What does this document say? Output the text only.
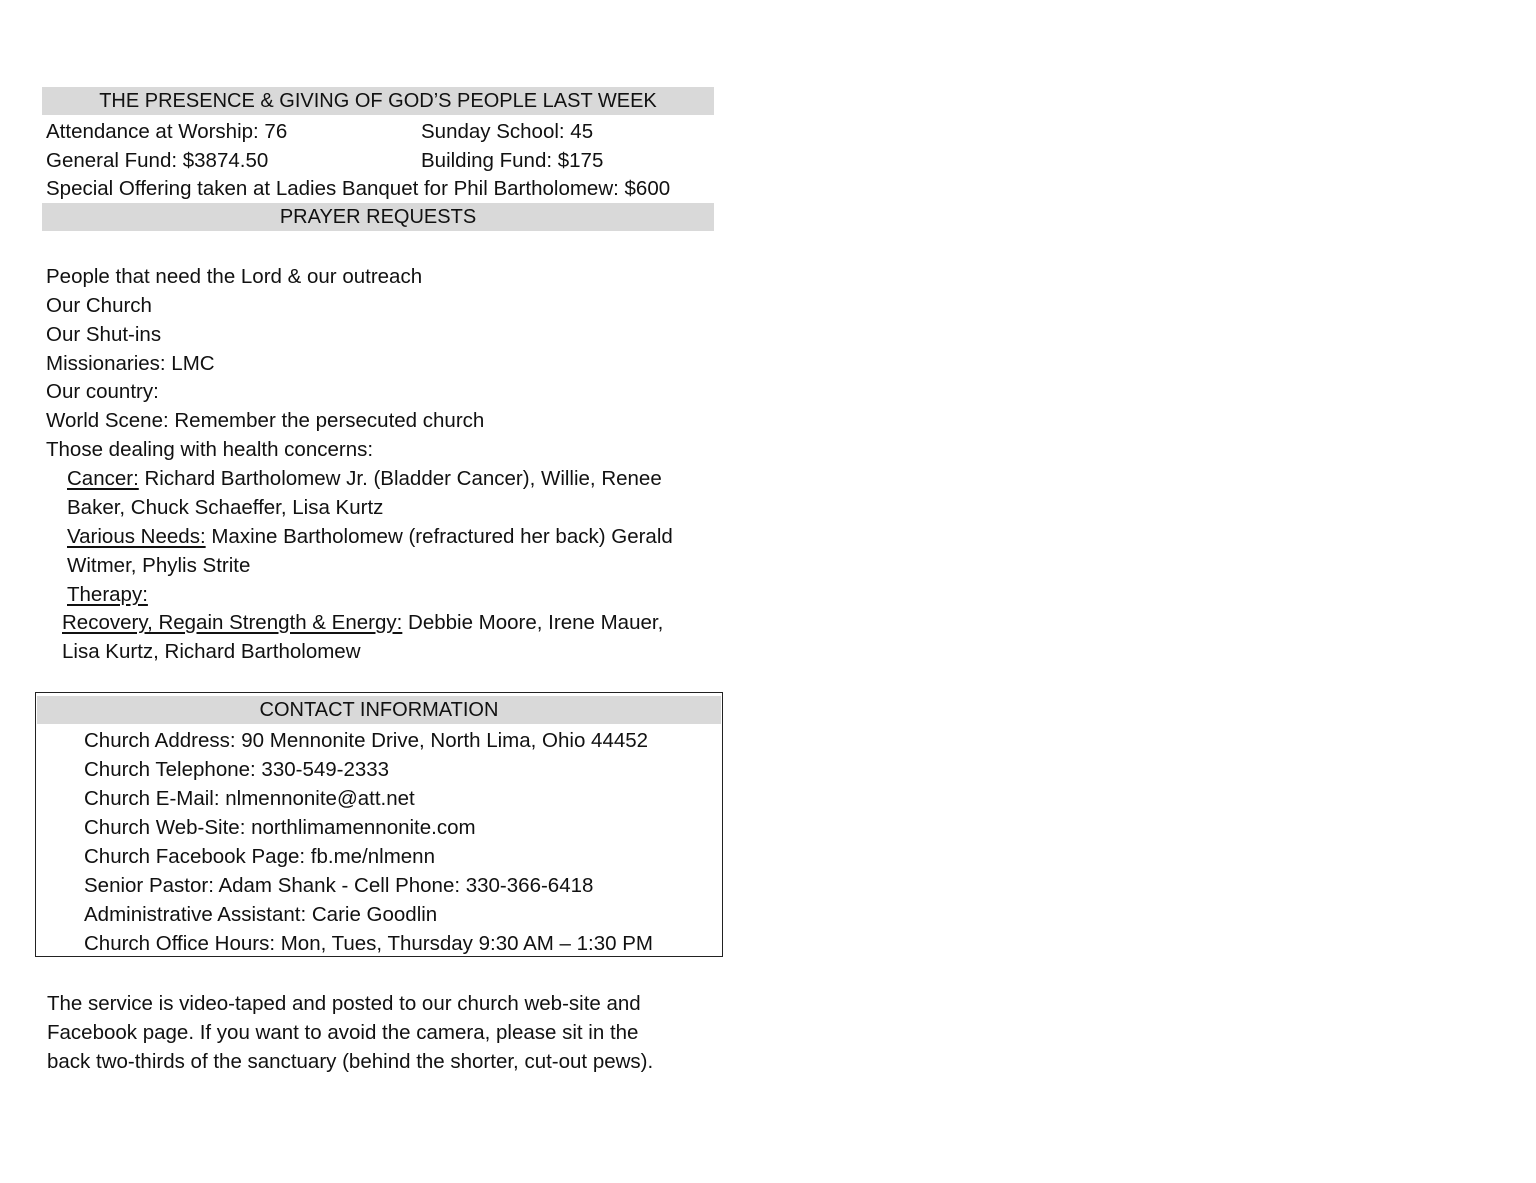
THE PRESENCE & GIVING OF GOD’S PEOPLE LAST WEEK
Attendance at Worship: 76	Sunday School: 45
General Fund: $3874.50	Building Fund: $175
Special Offering taken at Ladies Banquet for Phil Bartholomew: $600
PRAYER REQUESTS
People that need the Lord & our outreach
Our Church
Our Shut-ins
Missionaries: LMC
Our country:
World Scene: Remember the persecuted church
Those dealing with health concerns:
Cancer: Richard Bartholomew Jr. (Bladder Cancer), Willie, Renee
Baker, Chuck Schaeffer, Lisa Kurtz
Various Needs: Maxine Bartholomew (refractured her back) Gerald
Witmer, Phylis Strite
Therapy:
Recovery, Regain Strength & Energy: Debbie Moore, Irene Mauer,
Lisa Kurtz, Richard Bartholomew
CONTACT INFORMATION
Church Address: 90 Mennonite Drive, North Lima, Ohio 44452
Church Telephone: 330-549-2333
Church E-Mail: nlmennonite@att.net
Church Web-Site: northlimamennonite.com
Church Facebook Page: fb.me/nlmenn
Senior Pastor: Adam Shank - Cell Phone: 330-366-6418
Administrative Assistant: Carie Goodlin
Church Office Hours: Mon, Tues, Thursday 9:30 AM – 1:30 PM
The service is video-taped and posted to our church web-site and
Facebook page. If you want to avoid the camera, please sit in the
back two-thirds of the sanctuary (behind the shorter, cut-out pews).
